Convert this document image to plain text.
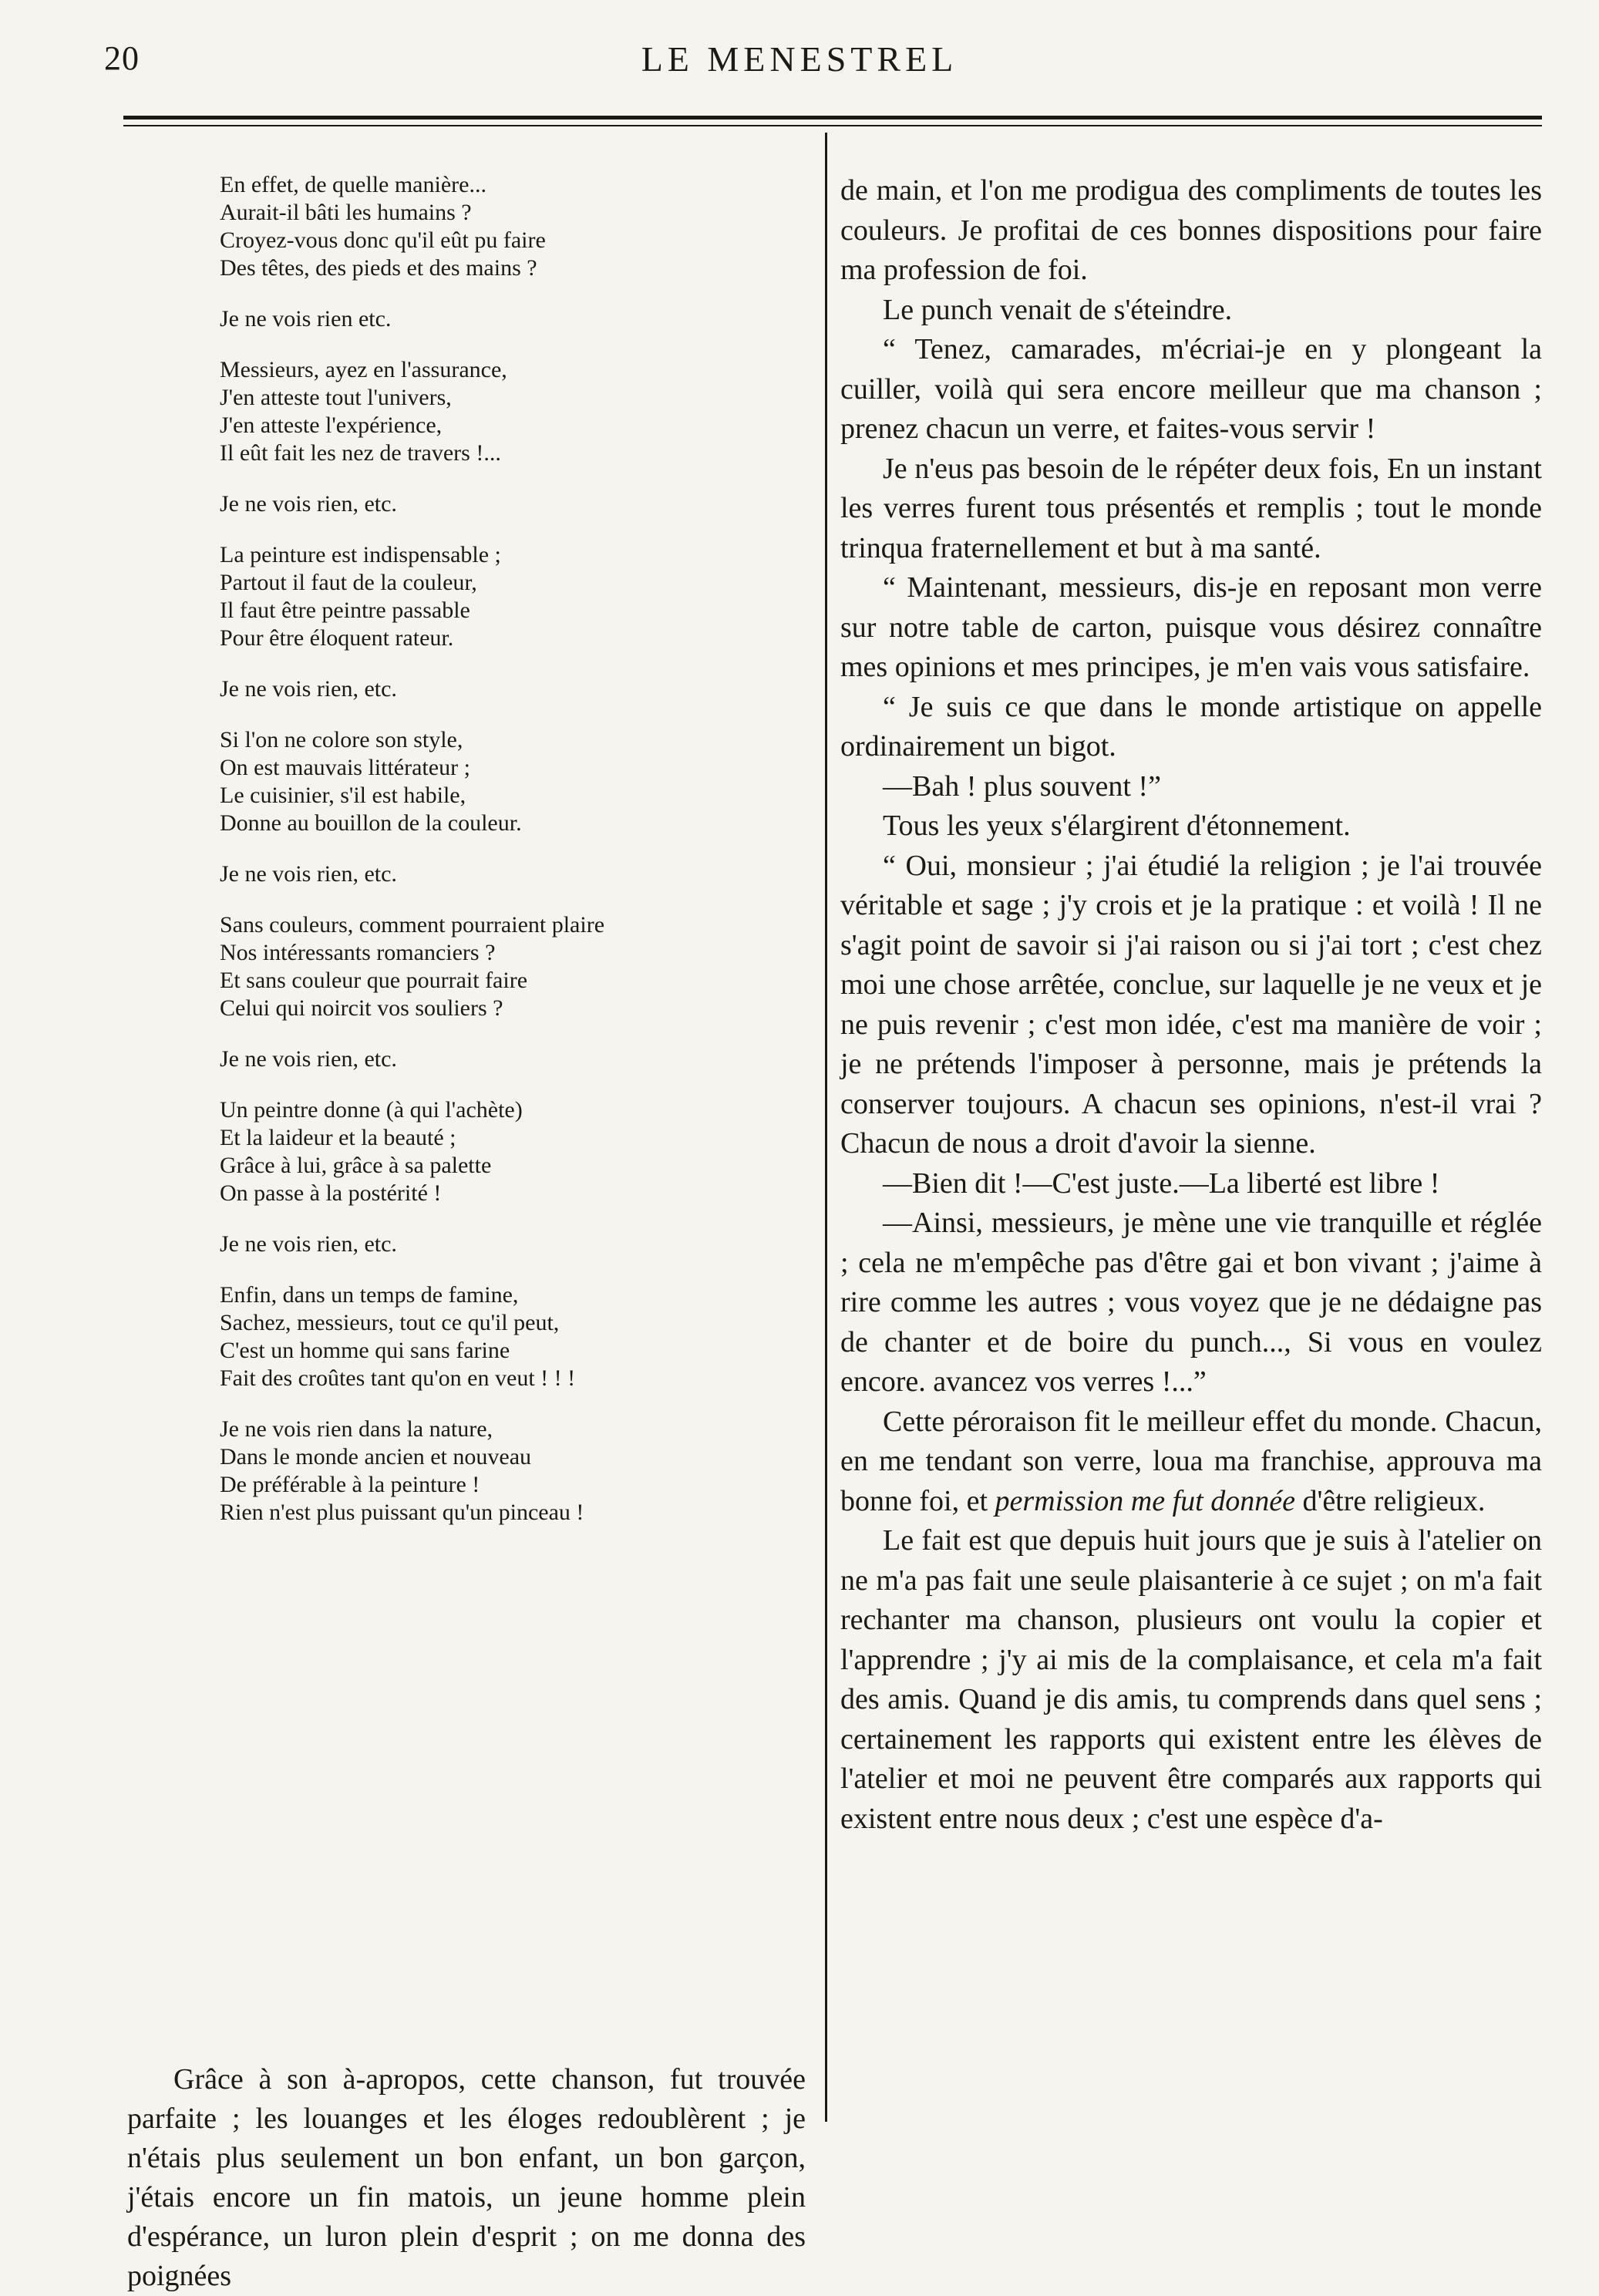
20	LE MENESTREL
En effet, de quelle manière...
Aurait-il bâti les humains ?
Croyez-vous donc qu'il eût pu faire
Des têtes, des pieds et des mains ?
Je ne vois rien etc.
Messieurs, ayez en l'assurance,
J'en atteste tout l'univers,
J'en atteste l'expérience,
Il eût fait les nez de travers !...
Je ne vois rien, etc.
La peinture est indispensable ;
Partout il faut de la couleur,
Il faut être peintre passable
Pour être éloquent rateur.
Je ne vois rien, etc.
Si l'on ne colore son style,
On est mauvais littérateur ;
Le cuisinier, s'il est habile,
Donne au bouillon de la couleur.
Je ne vois rien, etc.
Sans couleurs, comment pourraient plaire
Nos intéressants romanciers ?
Et sans couleur que pourrait faire
Celui qui noircit vos souliers ?
Je ne vois rien, etc.
Un peintre donne (à qui l'achète)
Et la laideur et la beauté ;
Grâce à lui, grâce à sa palette
On passe à la postérité !
Je ne vois rien, etc.
Enfin, dans un temps de famine,
Sachez, messieurs, tout ce qu'il peut,
C'est un homme qui sans farine
Fait des croûtes tant qu'on en veut ! ! !
Je ne vois rien dans la nature,
Dans le monde ancien et nouveau
De préférable à la peinture !
Rien n'est plus puissant qu'un pinceau !

Grâce à son à-apropos, cette chanson, fut trouvée parfaite ; les louanges et les éloges redoublèrent ; je n'étais plus seulement un bon enfant, un bon garçon, j'étais encore un fin matois, un jeune homme plein d'espérance, un luron plein d'esprit ; on me donna des poignées

de main, et l'on me prodigua des compliments de toutes les couleurs. Je profitai de ces bonnes dispositions pour faire ma profession de foi.

Le punch venait de s'éteindre.

“ Tenez, camarades, m'écriai-je en y plongeant la cuiller, voilà qui sera encore meilleur que ma chanson ; prenez chacun un verre, et faites-vous servir !

Je n'eus pas besoin de le répéter deux fois, En un instant les verres furent tous présentés et remplis ; tout le monde trinqua fraternellement et but à ma santé.

“ Maintenant, messieurs, dis-je en reposant mon verre sur notre table de carton, puisque vous désirez connaître mes opinions et mes principes, je m'en vais vous satisfaire.

“ Je suis ce que dans le monde artistique on appelle ordinairement un bigot.

—Bah ! plus souvent !”

Tous les yeux s'élargirent d'étonnement.

“ Oui, monsieur ; j'ai étudié la religion ; je l'ai trouvée véritable et sage ; j'y crois et je la pratique : et voilà ! Il ne s'agit point de savoir si j'ai raison ou si j'ai tort ; c'est chez moi une chose arrêtée, conclue, sur laquelle je ne veux et je ne puis revenir ; c'est mon idée, c'est ma manière de voir ; je ne prétends l'imposer à personne, mais je prétends la conserver toujours. A chacun ses opinions, n'est-il vrai ? Chacun de nous a droit d'avoir la sienne.

—Bien dit !—C'est juste.—La liberté est libre !

—Ainsi, messieurs, je mène une vie tranquille et réglée ; cela ne m'empêche pas d'être gai et bon vivant ; j'aime à rire comme les autres ; vous voyez que je ne dédaigne pas de chanter et de boire du punch..., Si vous en voulez encore. avancez vos verres !...”

Cette péroraison fit le meilleur effet du monde. Chacun, en me tendant son verre, loua ma franchise, approuva ma bonne foi, et permission me fut donnée d'être religieux.

Le fait est que depuis huit jours que je suis à l'atelier on ne m'a pas fait une seule plaisanterie à ce sujet ; on m'a fait rechanter ma chanson, plusieurs ont voulu la copier et l'apprendre ; j'y ai mis de la complaisance, et cela m'a fait des amis. Quand je dis amis, tu comprends dans quel sens ; certainement les rapports qui existent entre les élèves de l'atelier et moi ne peuvent être comparés aux rapports qui existent entre nous deux ; c'est une espèce d'a-
